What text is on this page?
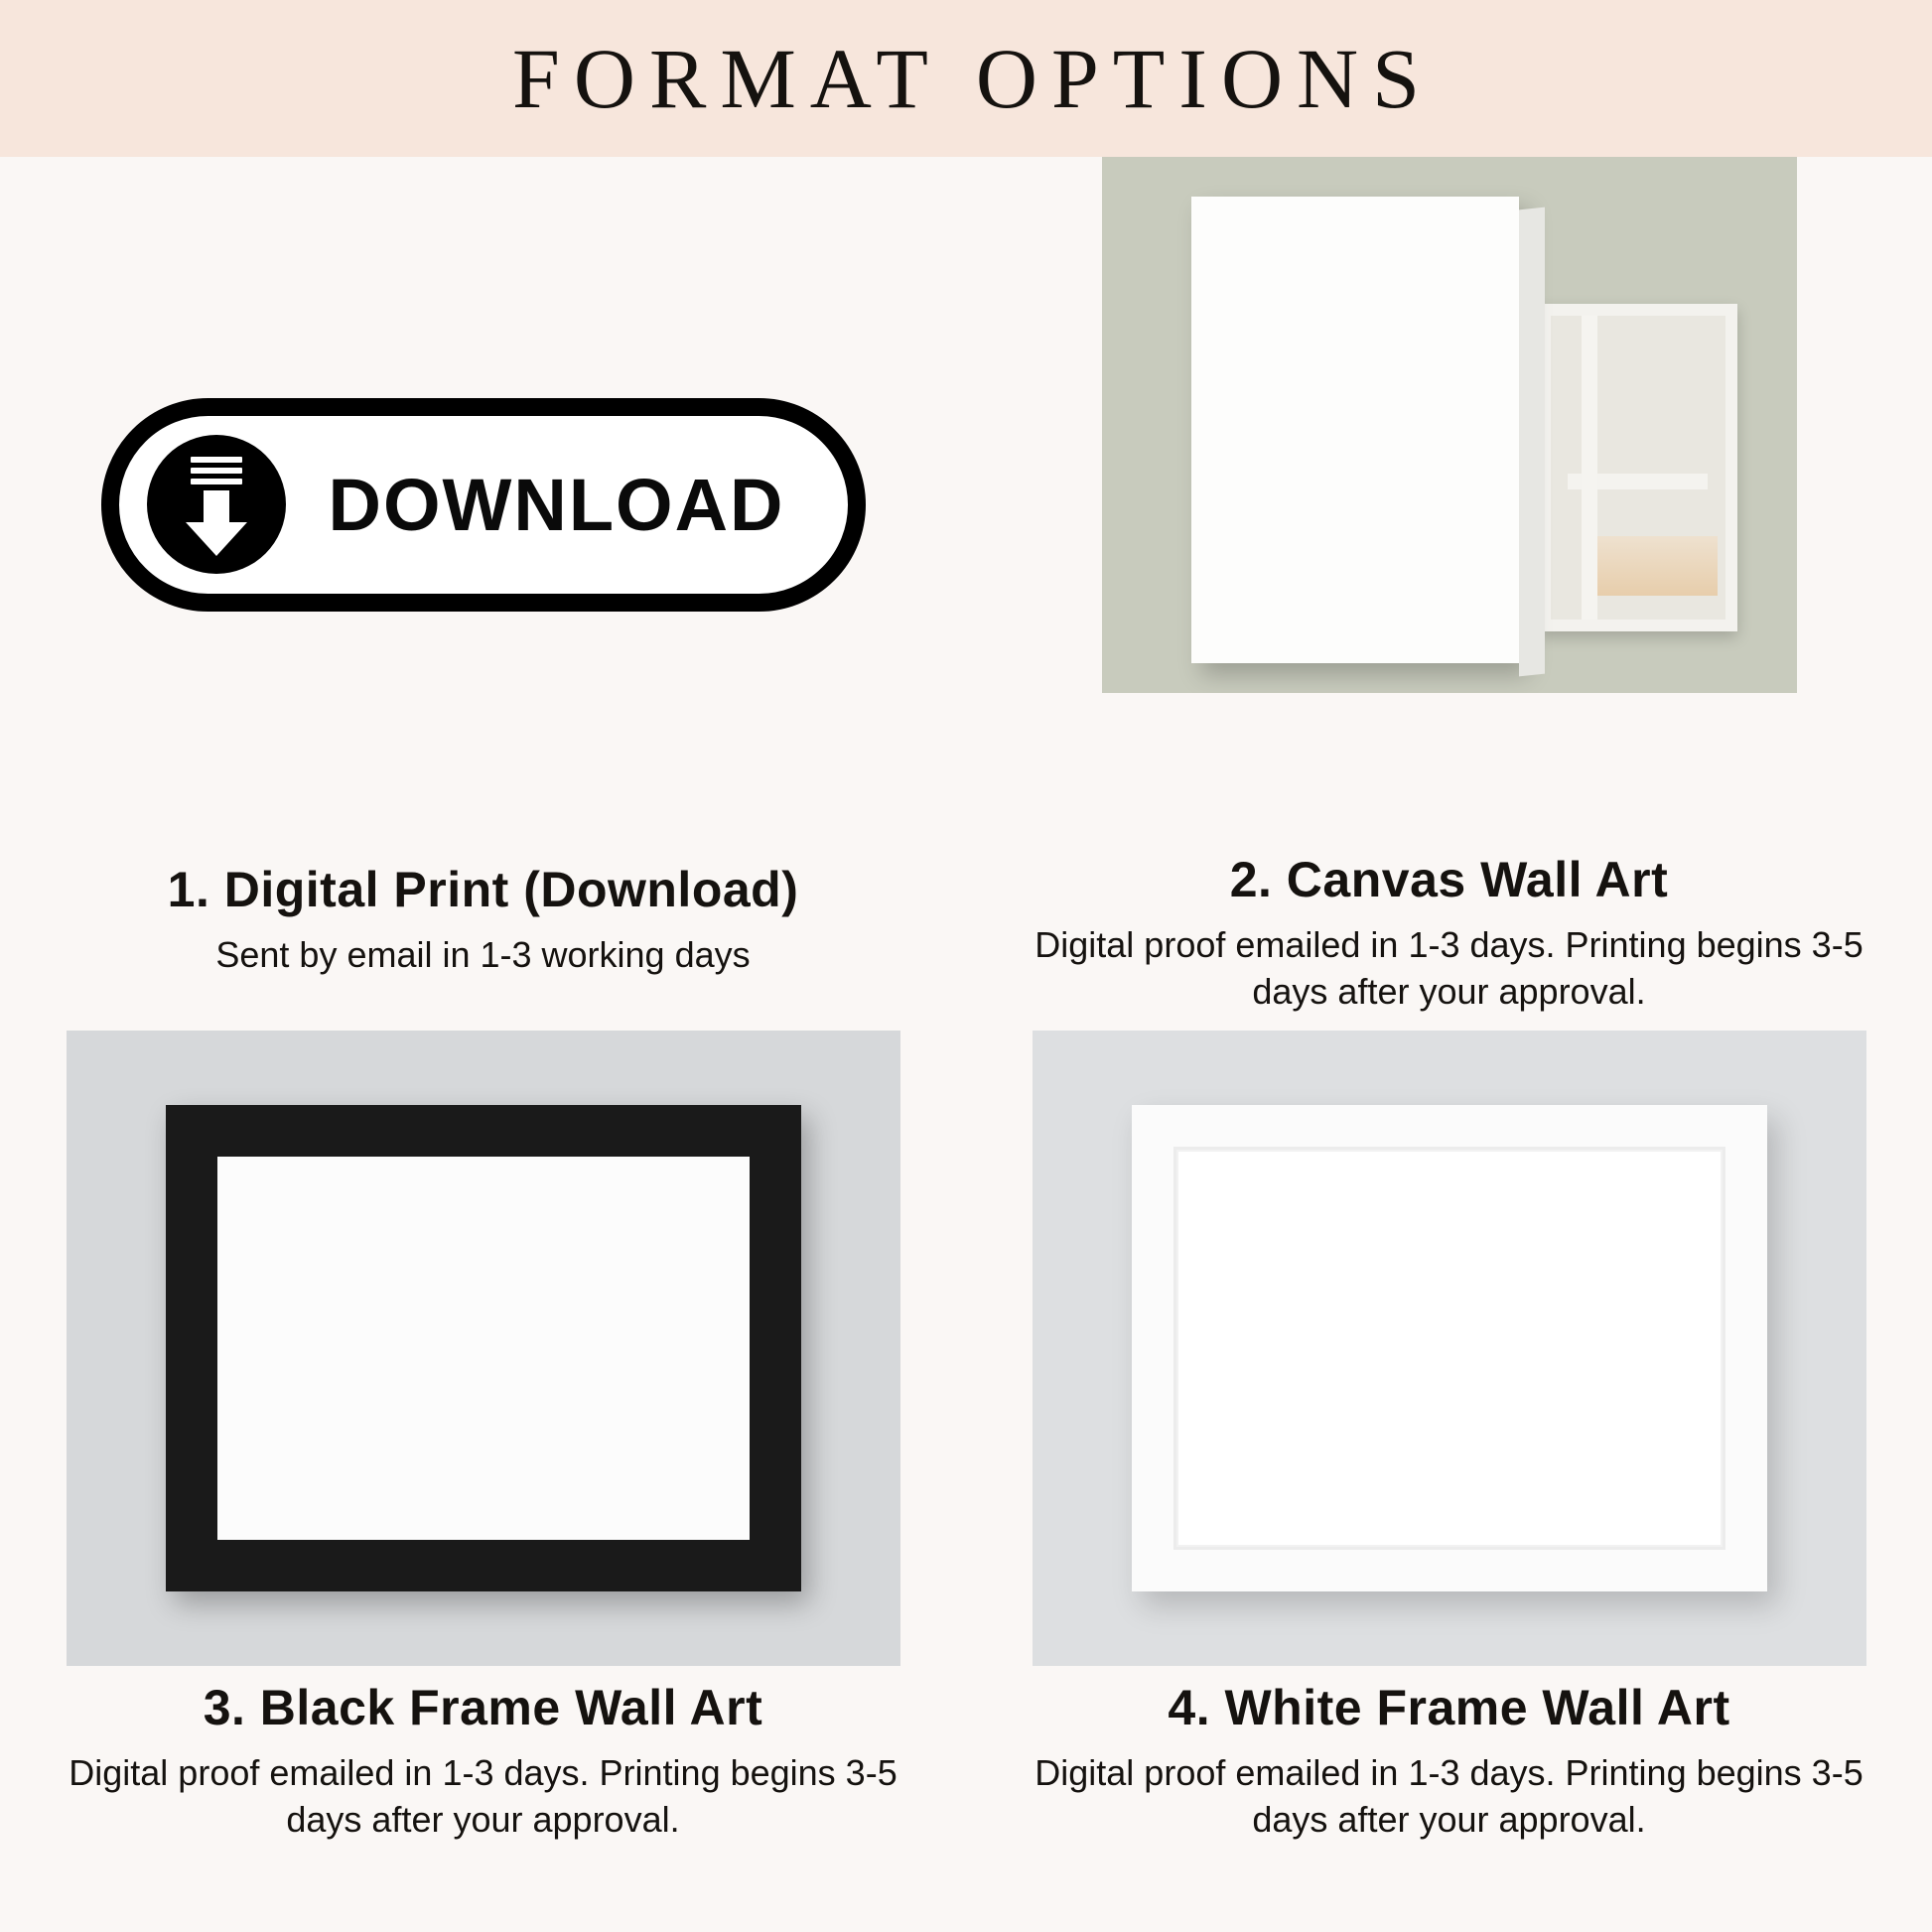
FORMAT OPTIONS
DOWNLOAD
1. Digital Print (Download)
Sent by email in 1-3 working days
2. Canvas Wall Art
Digital proof emailed in 1-3 days. Printing begins 3-5 days after your approval.
3. Black Frame Wall Art
Digital proof emailed in 1-3 days. Printing begins 3-5 days after your approval.
4. White Frame Wall Art
Digital proof emailed in 1-3 days. Printing begins 3-5 days after your approval.
